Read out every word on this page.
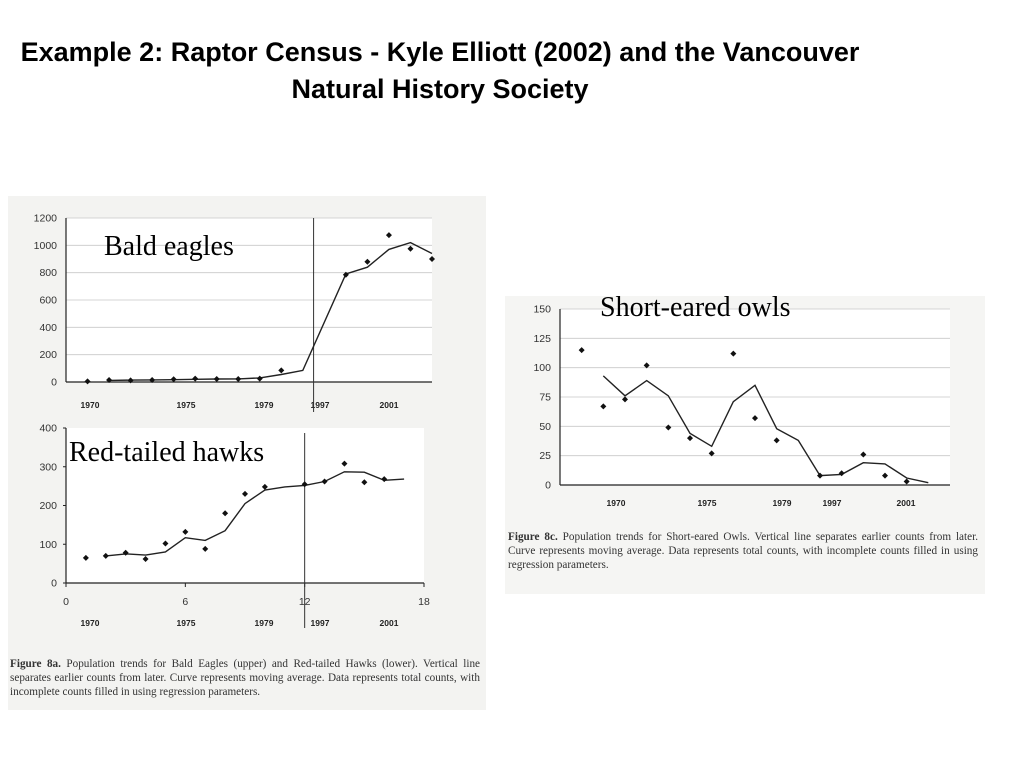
Example 2: Raptor Census - Kyle Elliott (2002) and the Vancouver Natural History Society
0
200
400
600
800
1000
1200
1970	1975	1979	1997	2001
0
100
200
300
400
0	6	12	18
1970	1975	1979	1997	2001
0
25
50
75
100
125
150
1970	1975	1979	1997	2001
Bald eagles
Red-tailed hawks
Short-eared owls
Figure 8a. Population trends for Bald Eagles (upper) and Red-tailed Hawks (lower). Vertical line separates earlier counts from later. Curve represents moving average. Data represents total counts, with incomplete counts filled in using regression parameters.
Figure 8c. Population trends for Short-eared Owls. Vertical line separates earlier counts from later. Curve represents moving average. Data represents total counts, with incomplete counts filled in using regression parameters.
